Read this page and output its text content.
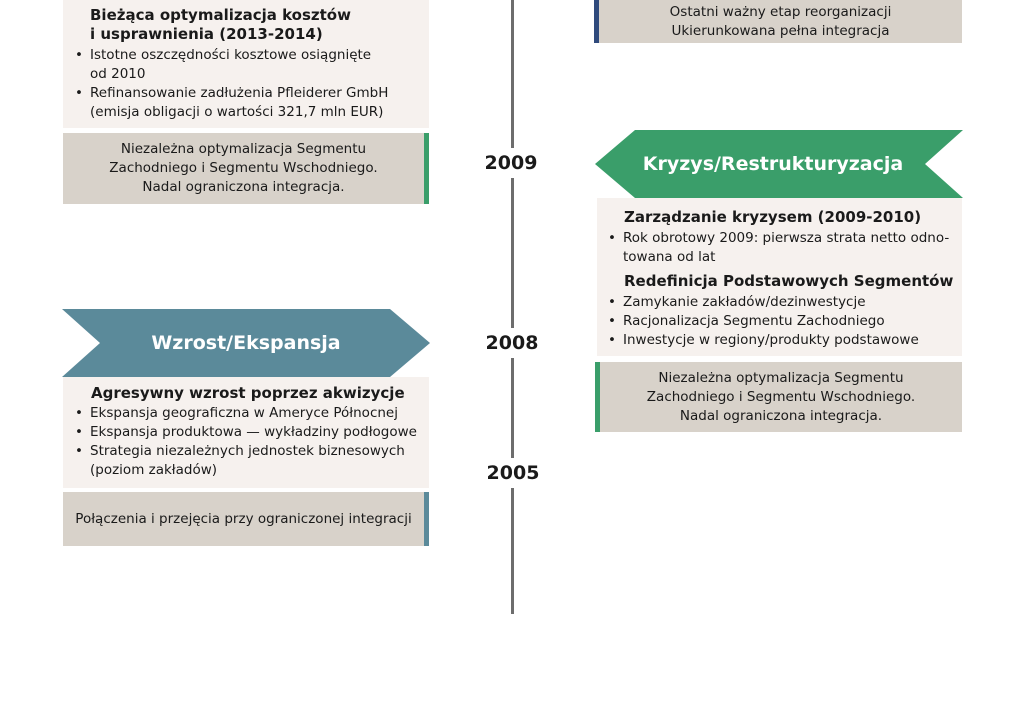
2009
2008
2005
Bieżąca optymalizacja kosztów
i usprawnienia (2013-2014)
• Istotne oszczędności kosztowe osiągnięte
od 2010
• Refinansowanie zadłużenia Pfleiderer GmbH
(emisja obligacji o wartości 321,7 mln EUR)
Niezależna optymalizacja Segmentu
Zachodniego i Segmentu Wschodniego.
Nadal ograniczona integracja.
Ostatni ważny etap reorganizacji
Ukierunkowana pełna integracja
Kryzys/Restrukturyzacja
Zarządzanie kryzysem (2009-2010)
• Rok obrotowy 2009: pierwsza strata netto odno-
towana od lat
Redefinicja Podstawowych Segmentów
• Zamykanie zakładów/dezinwestycje
• Racjonalizacja Segmentu Zachodniego
• Inwestycje w regiony/produkty podstawowe
Niezależna optymalizacja Segmentu
Zachodniego i Segmentu Wschodniego.
Nadal ograniczona integracja.
Wzrost/Ekspansja
Agresywny wzrost poprzez akwizycje
• Ekspansja geograficzna w Ameryce Północnej
• Ekspansja produktowa — wykładziny podłogowe
• Strategia niezależnych jednostek biznesowych
(poziom zakładów)
Połączenia i przejęcia przy ograniczonej integracji
